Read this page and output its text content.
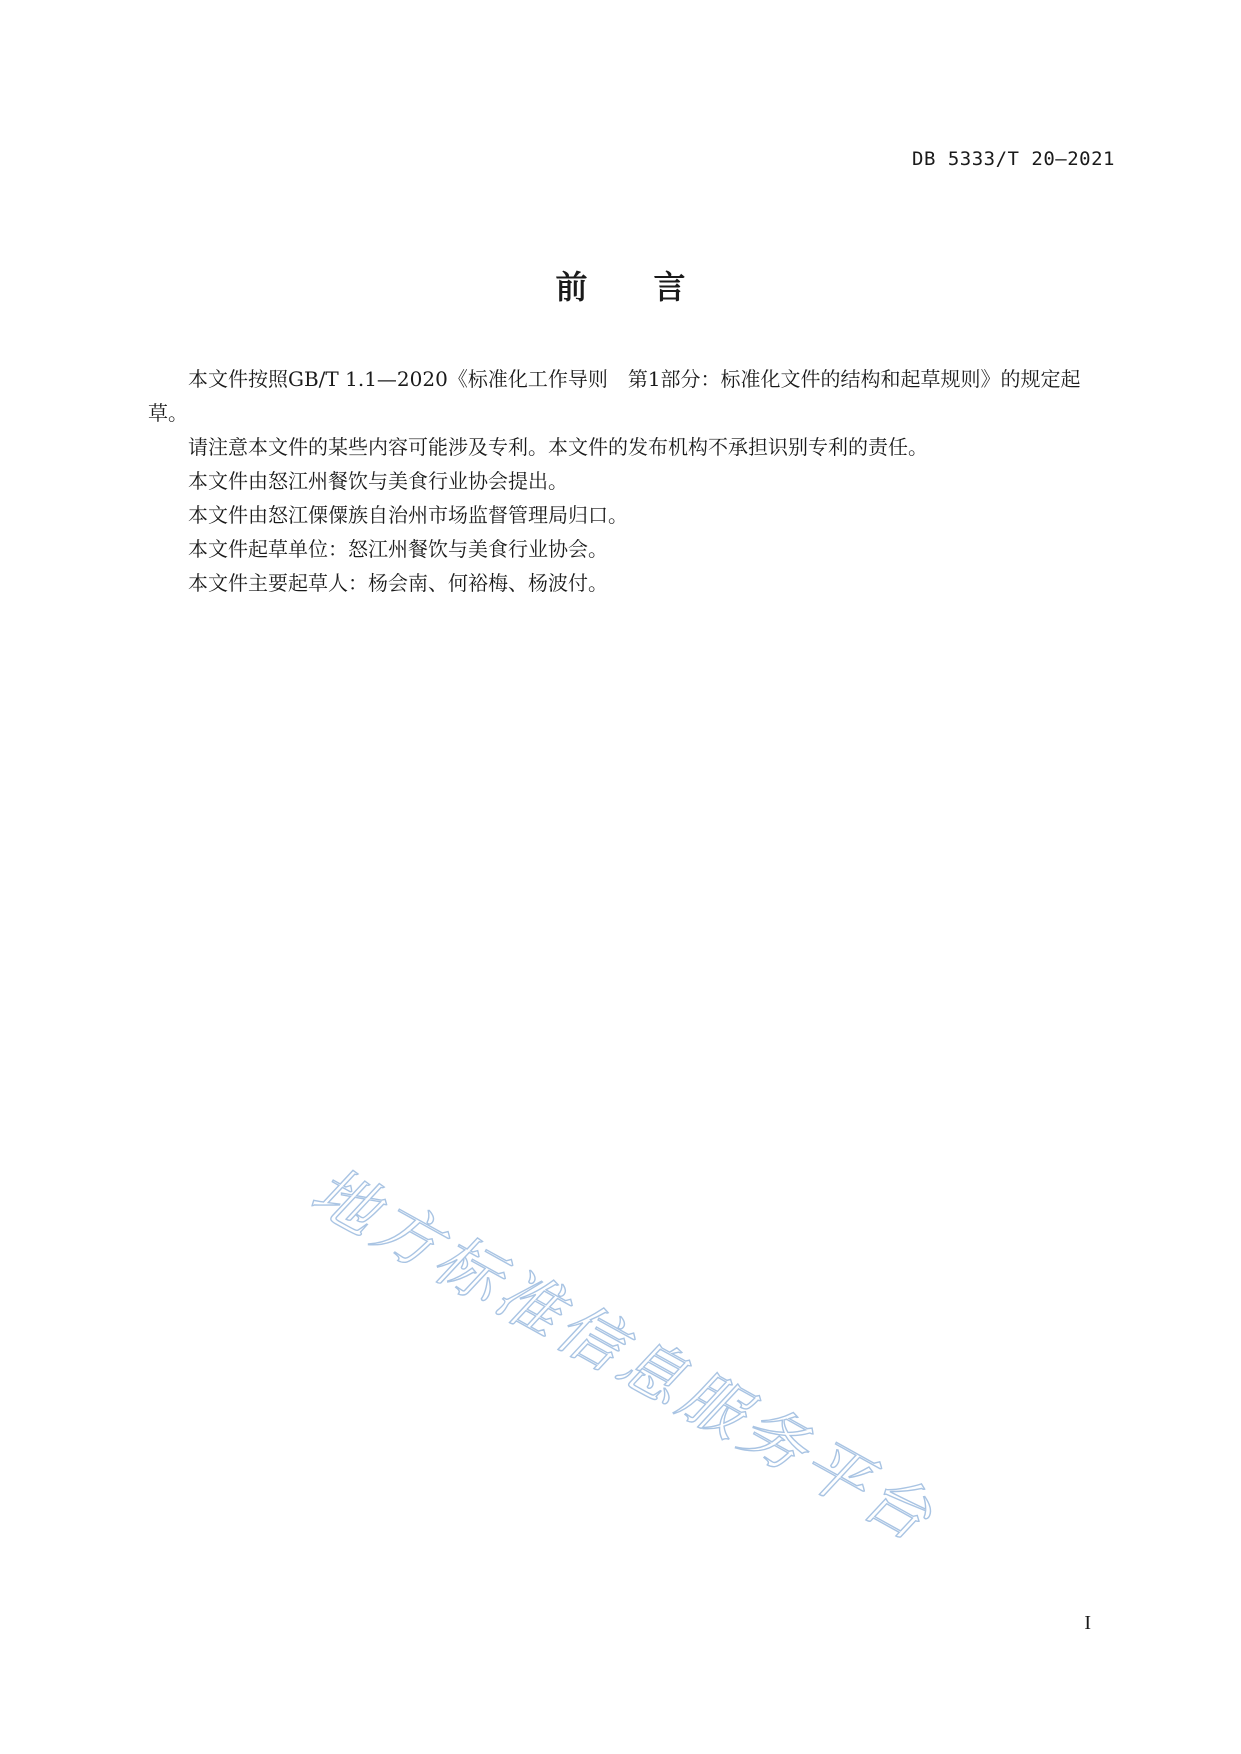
DB 5333/T 20—2021
前言

本文件按照GB/T 1.1—2020《标准化工作导则　第1部分：标准化文件的结构和起草规则》的规定起草。

请注意本文件的某些内容可能涉及专利。本文件的发布机构不承担识别专利的责任。

本文件由怒江州餐饮与美食行业协会提出。

本文件由怒江傈僳族自治州市场监督管理局归口。

本文件起草单位：怒江州餐饮与美食行业协会。

本文件主要起草人：杨会南、何裕梅、杨波付。

地方标准信息服务平台
I
